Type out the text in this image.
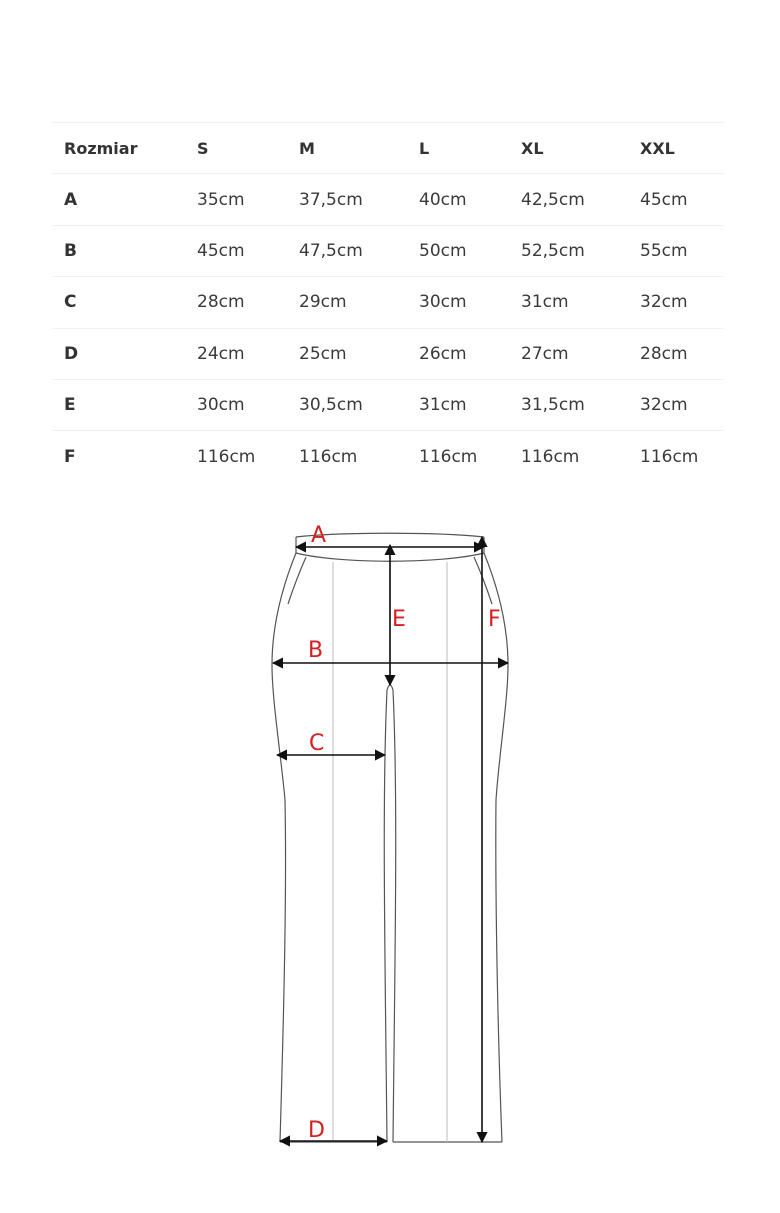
Rozmiar	S	M	L	XL	XXL
A	35cm	37,5cm	40cm	42,5cm	45cm
B	45cm	47,5cm	50cm	52,5cm	55cm
C	28cm	29cm	30cm	31cm	32cm
D	24cm	25cm	26cm	27cm	28cm
E	30cm	30,5cm	31cm	31,5cm	32cm
F	116cm	116cm	116cm	116cm	116cm
A
B
C
D
E	F
